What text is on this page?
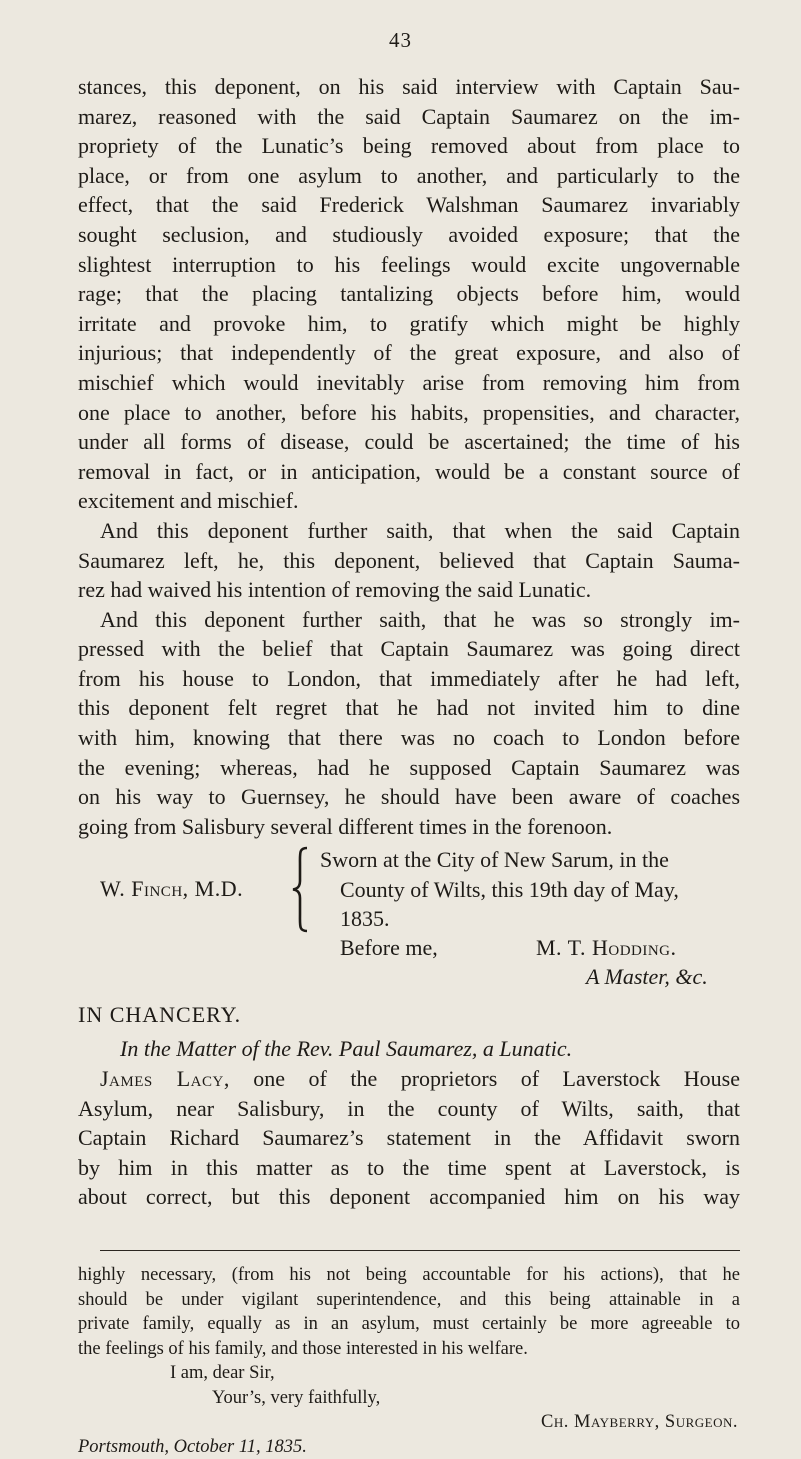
43
stances, this deponent, on his said interview with Captain Sau-
marez, reasoned with the said Captain Saumarez on the im-
propriety of the Lunatic’s being removed about from place to
place, or from one asylum to another, and particularly to the
effect, that the said Frederick Walshman Saumarez invariably
sought seclusion, and studiously avoided exposure; that the
slightest interruption to his feelings would excite ungovernable
rage; that the placing tantalizing objects before him, would
irritate and provoke him, to gratify which might be highly
injurious; that independently of the great exposure, and also of
mischief which would inevitably arise from removing him from
one place to another, before his habits, propensities, and character,
under all forms of disease, could be ascertained; the time of his
removal in fact, or in anticipation, would be a constant source of
excitement and mischief.
And this deponent further saith, that when the said Captain
Saumarez left, he, this deponent, believed that Captain Sauma-
rez had waived his intention of removing the said Lunatic.
And this deponent further saith, that he was so strongly im-
pressed with the belief that Captain Saumarez was going direct
from his house to London, that immediately after he had left,
this deponent felt regret that he had not invited him to dine
with him, knowing that there was no coach to London before
the evening; whereas, had he supposed Captain Saumarez was
on his way to Guernsey, he should have been aware of coaches
going from Salisbury several different times in the forenoon.
W. Finch, M.D.
Sworn at the City of New Sarum, in the
County of Wilts, this 19th day of May,
1835.
Before me,	M. T. Hodding.
A Master, &c.
IN CHANCERY.
In the Matter of the Rev. Paul Saumarez, a Lunatic.
James Lacy, one of the proprietors of Laverstock House
Asylum, near Salisbury, in the county of Wilts, saith, that
Captain Richard Saumarez’s statement in the Affidavit sworn
by him in this matter as to the time spent at Laverstock, is
about correct, but this deponent accompanied him on his way
highly necessary, (from his not being accountable for his actions), that he
should be under vigilant superintendence, and this being attainable in a
private family, equally as in an asylum, must certainly be more agreeable to
the feelings of his family, and those interested in his welfare.
I am, dear Sir,
Your’s, very faithfully,
Ch. Mayberry, Surgeon.
Portsmouth, October 11, 1835.
